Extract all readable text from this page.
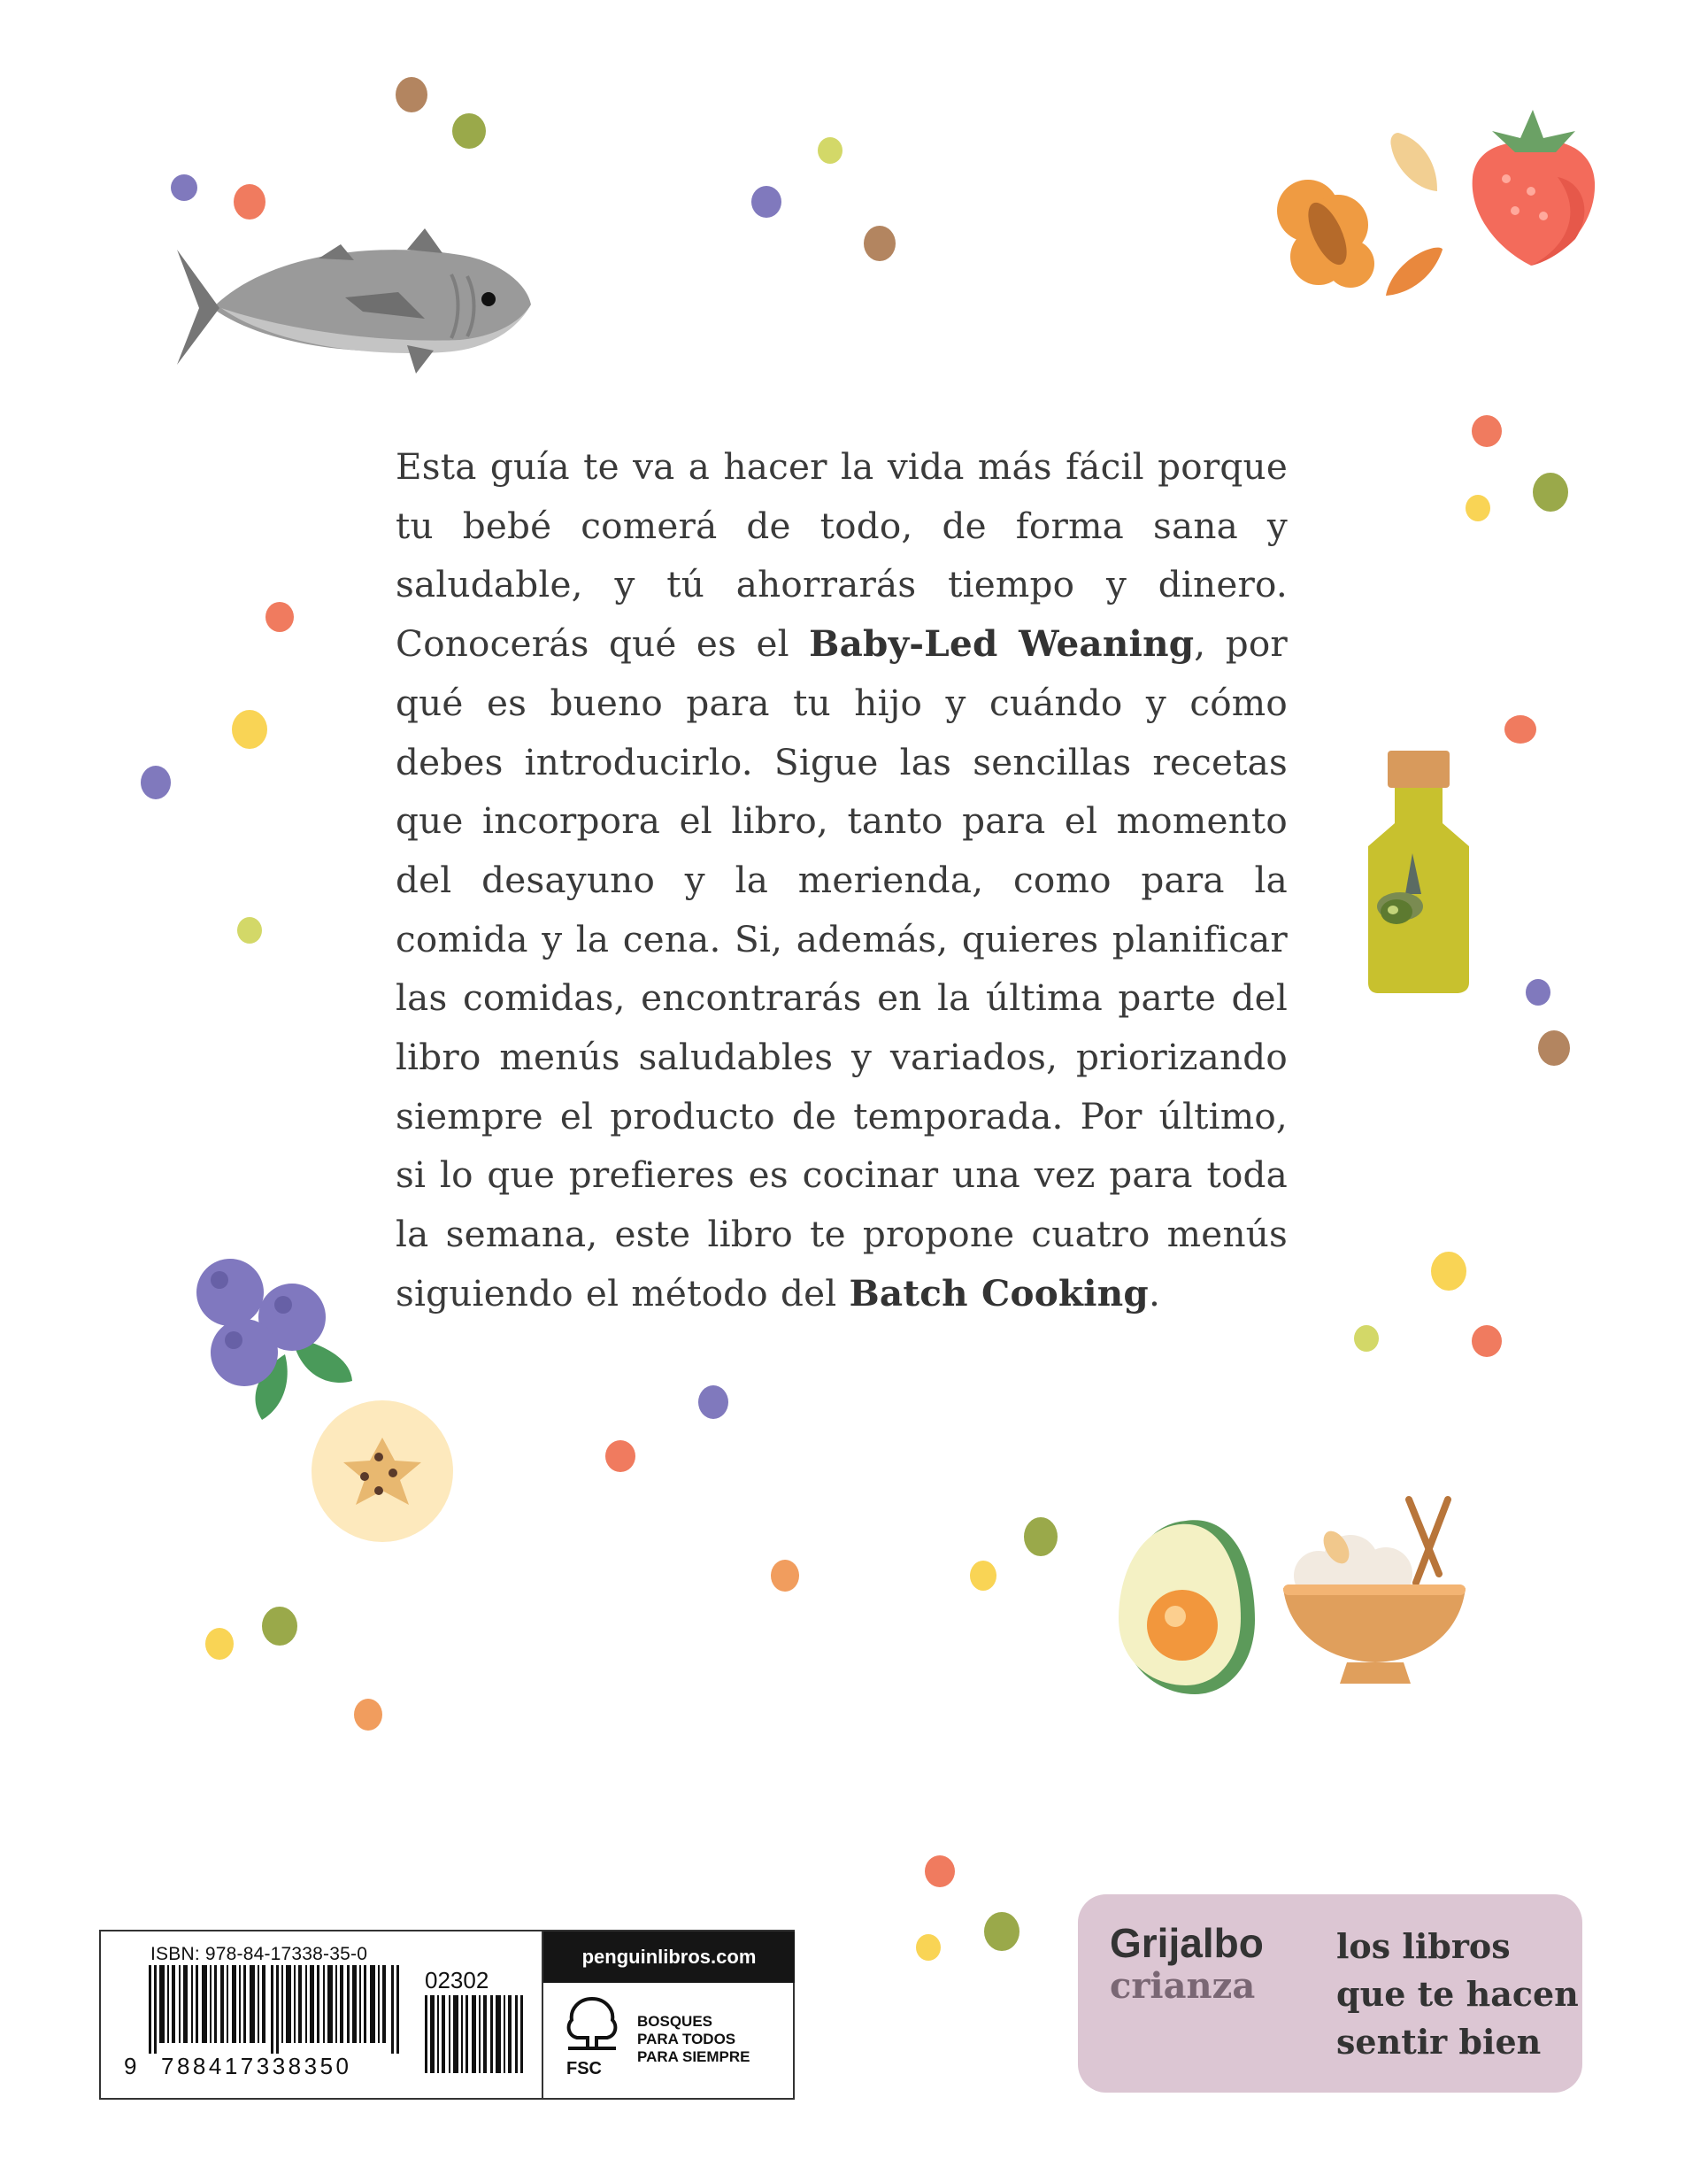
Esta guía te va a hacer la vida más fácil porque tu bebé comerá de todo, de forma sana y saludable, y tú ahorrarás tiempo y dinero. Conocerás qué es el Baby-Led Weaning, por qué es bueno para tu hijo y cuándo y cómo debes introducirlo. Sigue las sencillas recetas que incorpora el libro, tanto para el momento del desayuno y la merienda, como para la comida y la cena. Si, además, quieres planificar las comidas, encontrarás en la última parte del libro menús saludables y variados, priorizando siempre el producto de temporada. Por último, si lo que prefieres es cocinar una vez para toda la semana, este libro te propone cuatro menús siguiendo el método del Batch Cooking.
ISBN: 978-84-17338-35-0
02302
9 788417338350
penguinlibros.com
FSC
BOSQUES
PARA TODOS
PARA SIEMPRE
Grijalbo
crianza
los libros
que te hacen
sentir bien
